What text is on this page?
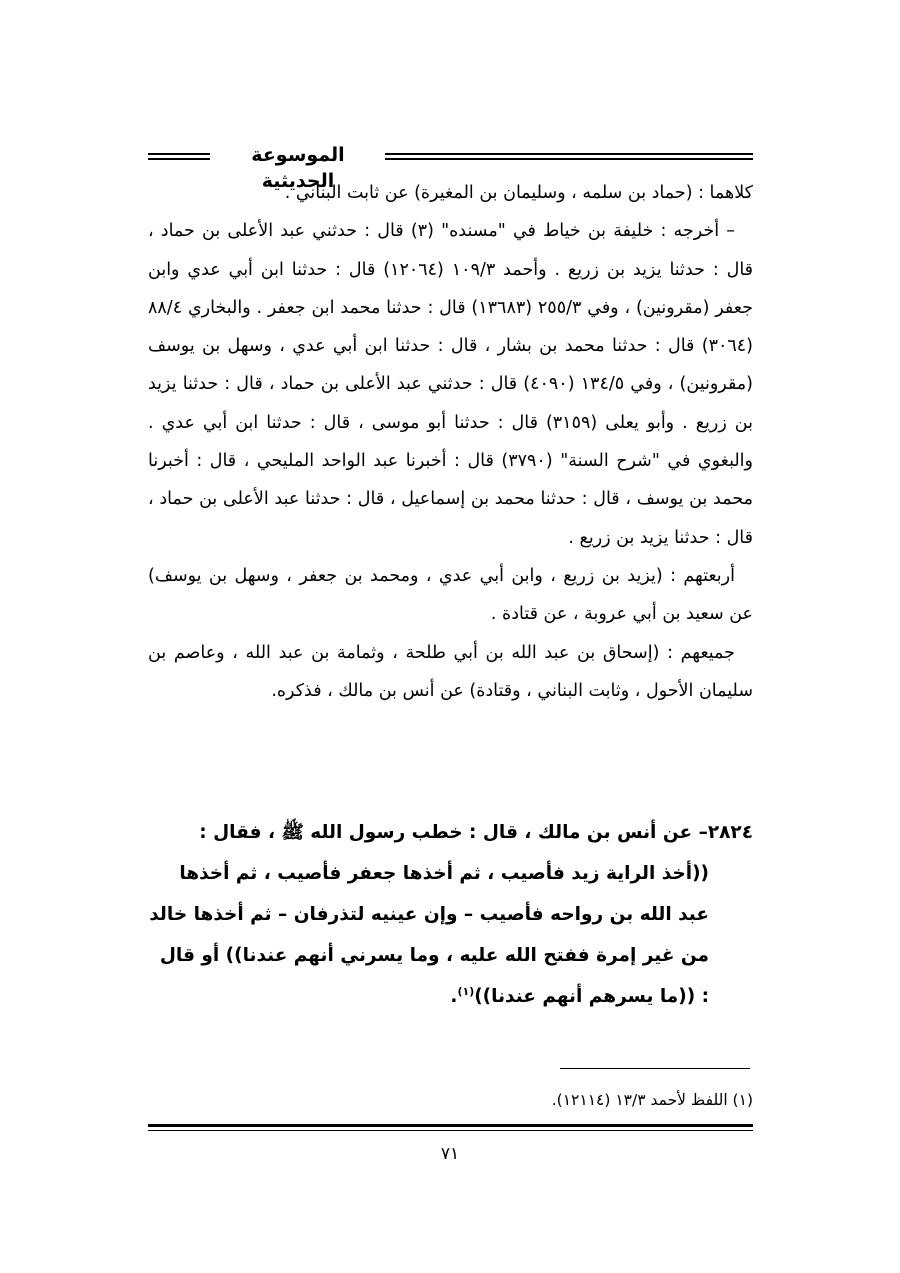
الموسوعة الحديثية

كلاهما : (حماد بن سلمه ، وسليمان بن المغيرة) عن ثابت البناني .

– أخرجه : خليفة بن خياط في "مسنده" (٣) قال : حدثني عبد الأعلى بن حماد ، قال : حدثنا يزيد بن زريع . وأحمد ١٠٩/٣ (١٢٠٦٤) قال : حدثنا ابن أبي عدي وابن جعفر (مقرونين) ، وفي ٢٥٥/٣ (١٣٦٨٣) قال : حدثنا محمد ابن جعفر . والبخاري ٨٨/٤ (٣٠٦٤) قال : حدثنا محمد بن بشار ، قال : حدثنا ابن أبي عدي ، وسهل بن يوسف (مقرونين) ، وفي ١٣٤/٥ (٤٠٩٠) قال : حدثني عبد الأعلى بن حماد ، قال : حدثنا يزيد بن زريع . وأبو يعلى (٣١٥٩) قال : حدثنا أبو موسى ، قال : حدثنا ابن أبي عدي . والبغوي في "شرح السنة" (٣٧٩٠) قال : أخبرنا عبد الواحد المليحي ، قال : أخبرنا محمد بن يوسف ، قال : حدثنا محمد بن إسماعيل ، قال : حدثنا عبد الأعلى بن حماد ، قال : حدثنا يزيد بن زريع .

أربعتهم : (يزيد بن زريع ، وابن أبي عدي ، ومحمد بن جعفر ، وسهل بن يوسف) عن سعيد بن أبي عروبة ، عن قتادة .

جميعهم : (إسحاق بن عبد الله بن أبي طلحة ، وثمامة بن عبد الله ، وعاصم بن سليمان الأحول ، وثابت البناني ، وقتادة) عن أنس بن مالك ، فذكره.

٢٨٢٤– عن أنس بن مالك ، قال : خطب رسول الله ﷺ ، فقال : ((أخذ الراية زيد فأصيب ، ثم أخذها جعفر فأصيب ، ثم أخذها عبد الله بن رواحه فأصيب – وإن عينيه لتذرفان – ثم أخذها خالد من غير إمرة ففتح الله عليه ، وما يسرني أنهم عندنا)) أو قال : ((ما يسرهم أنهم عندنا))$^{(١)}$.

(١) اللفظ لأحمد ١٣/٣ (١٢١١٤).
٧١
